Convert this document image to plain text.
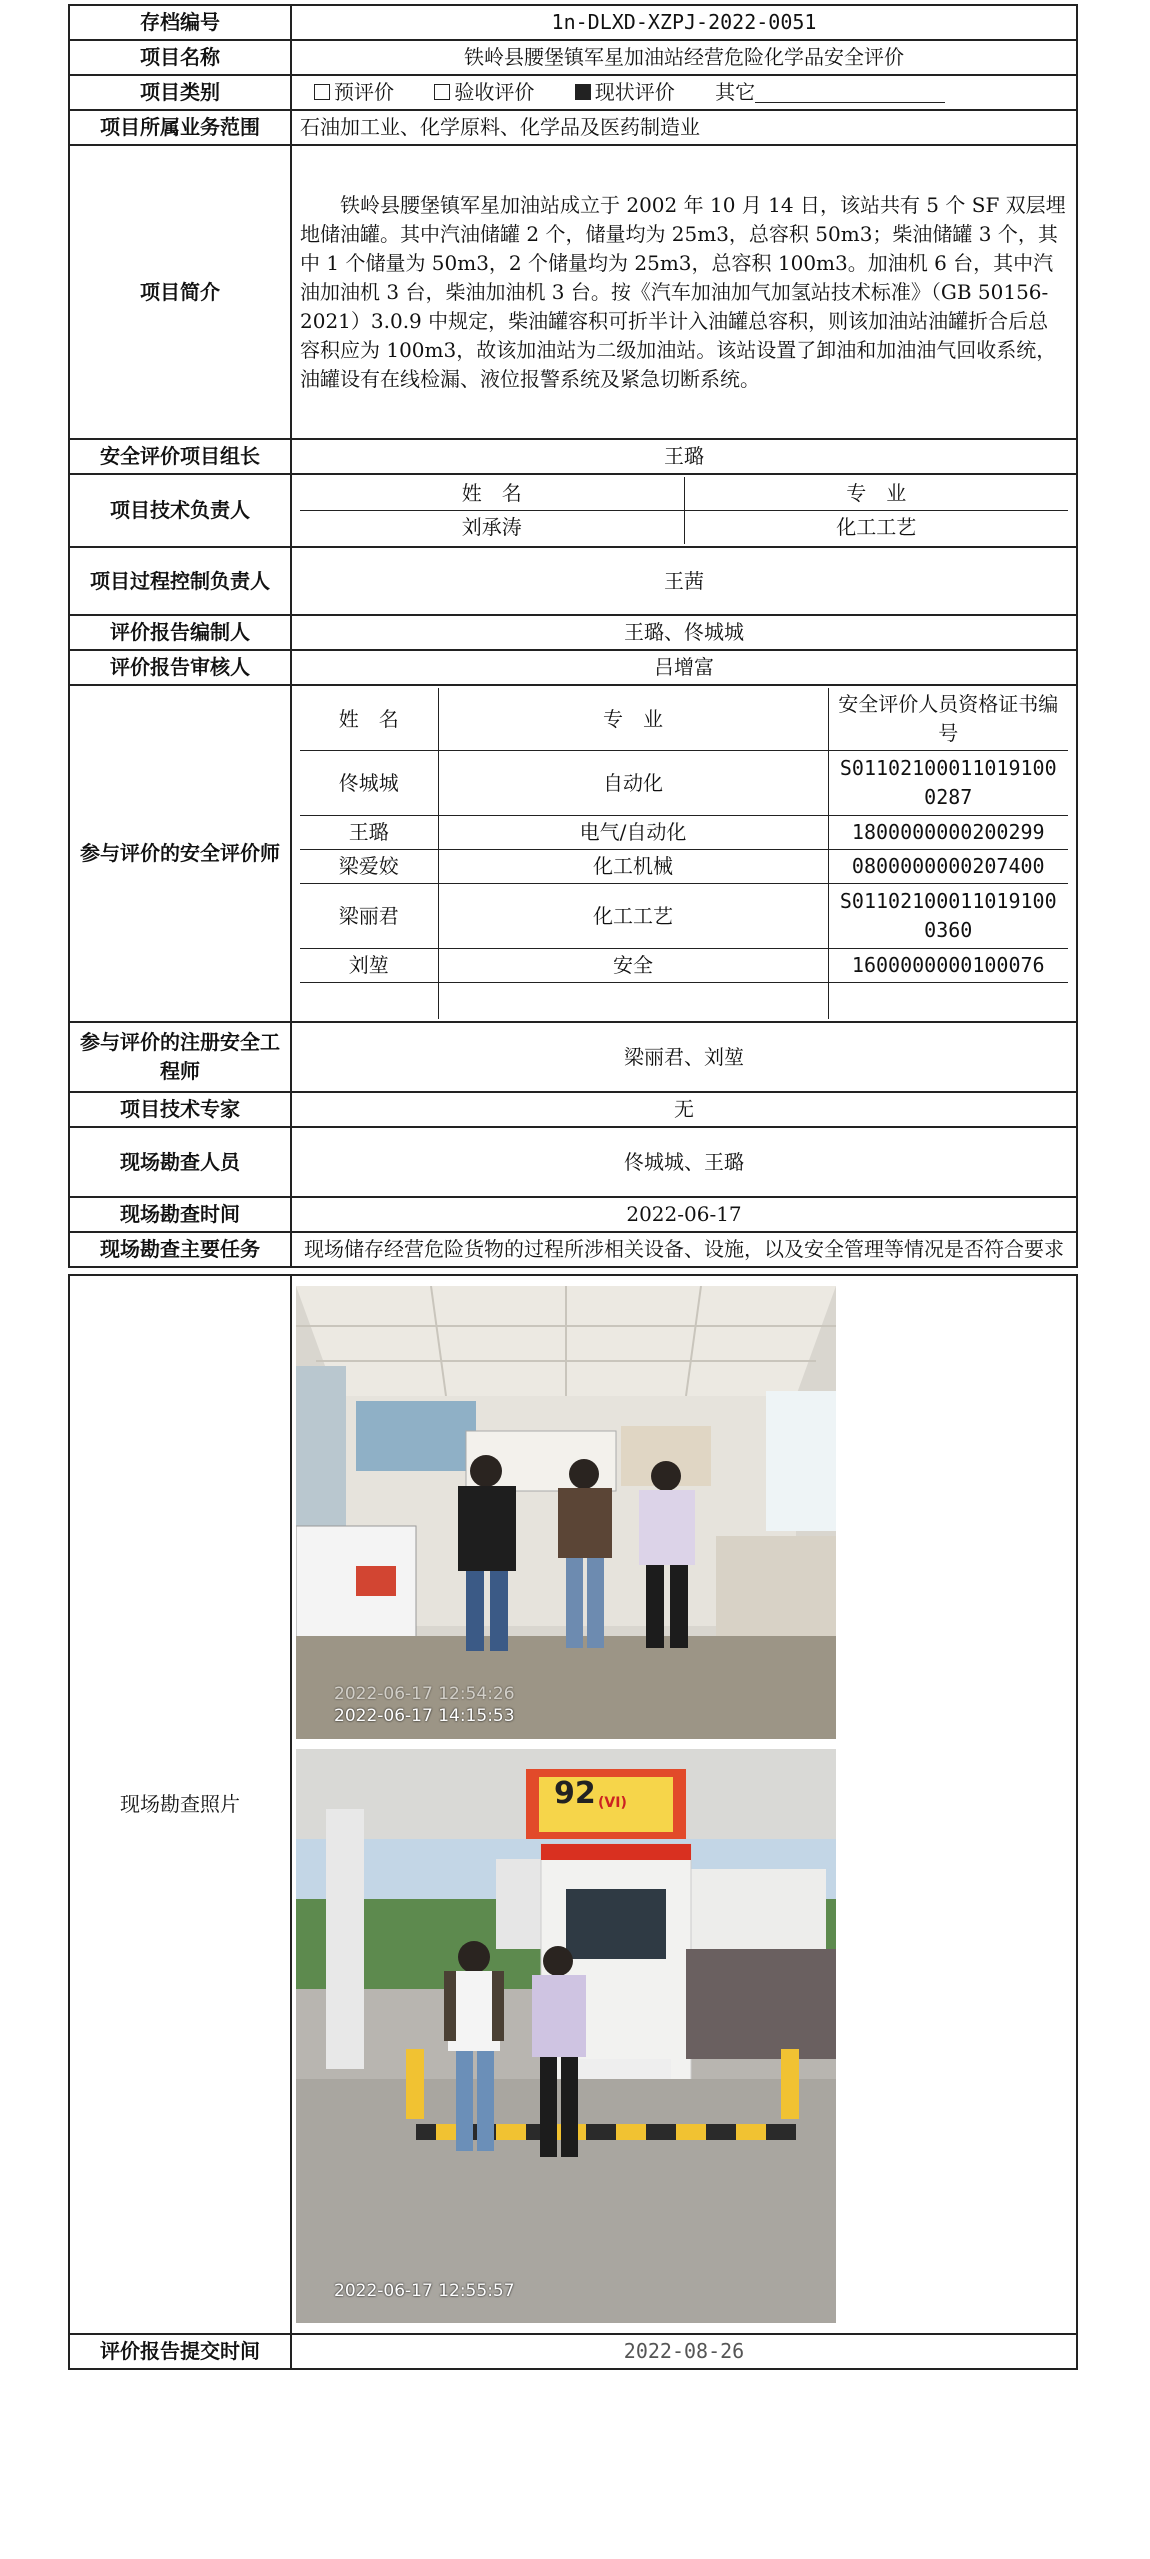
存档编号	1n-DLXD-XZPJ-2022-0051
项目名称	铁岭县腰堡镇军星加油站经营危险化学品安全评价
项目类别	预评价	验收评价	现状评价 其它
项目所属业务范围	石油加工业、化学原料、化学品及医药制造业
项目简介	铁岭县腰堡镇军星加油站成立于 2002 年 10 月 14 日，该站共有 5 个 SF 双层埋地储油罐。其中汽油储罐 2 个，储量均为 25m3，总容积 50m3；柴油储罐 3 个，其中 1 个储量为 50m3，2 个储量均为 25m3，总容积 100m3。加油机 6 台，其中汽油加油机 3 台，柴油加油机 3 台。按《汽车加油加气加氢站技术标准》（GB 50156-2021）3.0.9 中规定，柴油罐容积可折半计入油罐总容积，则该加油站油罐折合后总容积应为 100m3，故该加油站为二级加油站。该站设置了卸油和加油油气回收系统，油罐设有在线检漏、液位报警系统及紧急切断系统。
安全评价项目组长	王璐
项目技术负责人	
姓　名	专　业
刘承涛	化工工艺

项目过程控制负责人	王茜
评价报告编制人	王璐、佟城城
评价报告审核人	吕增富
参与评价的安全评价师	
姓　名	专　业	安全评价人员资格证书编号
佟城城	自动化	S011021000110191000287
王璐	电气/自动化	1800000000200299
梁爱姣	化工机械	0800000000207400
梁丽君	化工工艺	S011021000110191000360
刘堃	安全	1600000000100076

参与评价的注册安全工程师	梁丽君、刘堃
项目技术专家	无
现场勘查人员	佟城城、王璐
现场勘查时间	2022-06-17
现场勘查主要任务	现场储存经营危险货物的过程所涉相关设备、设施，以及安全管理等情况是否符合要求
现场勘查照片	2022-06-17 12:54:26
2022-06-17 14:15:53
92 (VI)
2022-06-17 12:55:57

评价报告提交时间	2022-08-26
